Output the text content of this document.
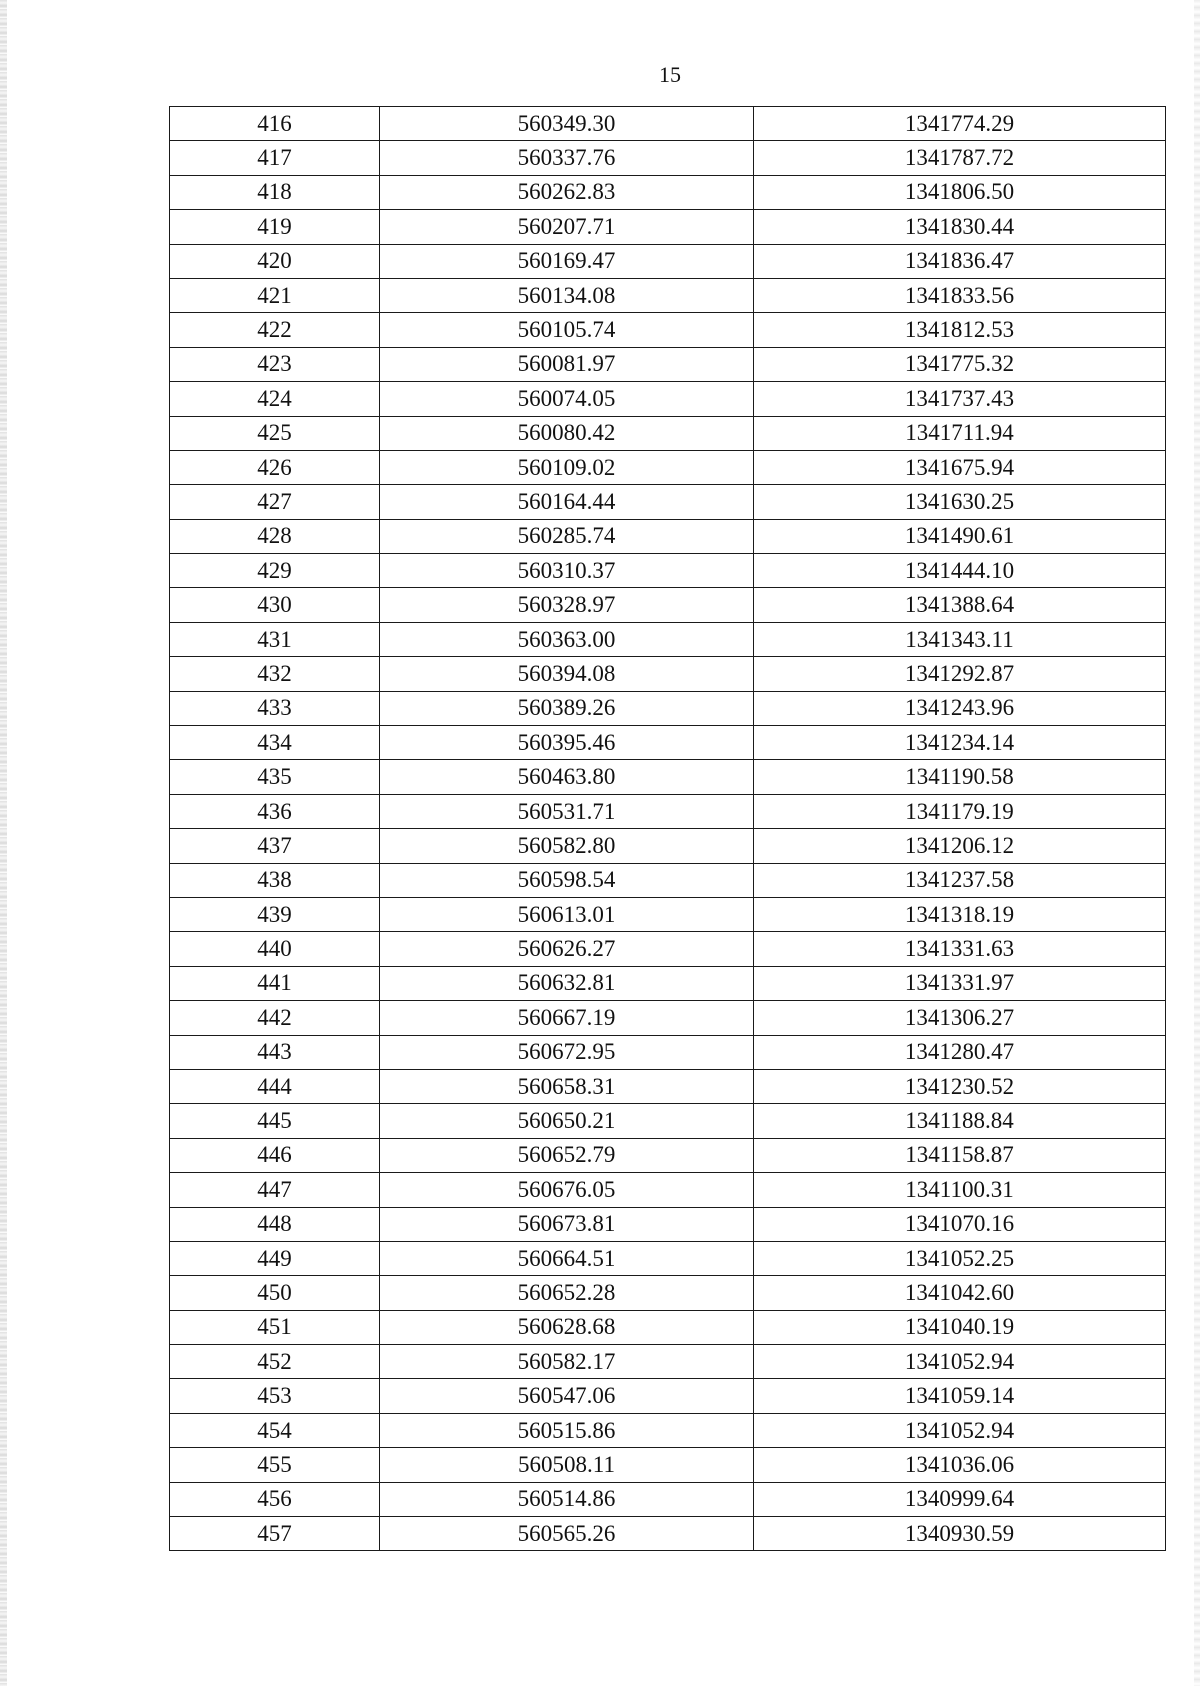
15
416	560349.30	1341774.29
417	560337.76	1341787.72
418	560262.83	1341806.50
419	560207.71	1341830.44
420	560169.47	1341836.47
421	560134.08	1341833.56
422	560105.74	1341812.53
423	560081.97	1341775.32
424	560074.05	1341737.43
425	560080.42	1341711.94
426	560109.02	1341675.94
427	560164.44	1341630.25
428	560285.74	1341490.61
429	560310.37	1341444.10
430	560328.97	1341388.64
431	560363.00	1341343.11
432	560394.08	1341292.87
433	560389.26	1341243.96
434	560395.46	1341234.14
435	560463.80	1341190.58
436	560531.71	1341179.19
437	560582.80	1341206.12
438	560598.54	1341237.58
439	560613.01	1341318.19
440	560626.27	1341331.63
441	560632.81	1341331.97
442	560667.19	1341306.27
443	560672.95	1341280.47
444	560658.31	1341230.52
445	560650.21	1341188.84
446	560652.79	1341158.87
447	560676.05	1341100.31
448	560673.81	1341070.16
449	560664.51	1341052.25
450	560652.28	1341042.60
451	560628.68	1341040.19
452	560582.17	1341052.94
453	560547.06	1341059.14
454	560515.86	1341052.94
455	560508.11	1341036.06
456	560514.86	1340999.64
457	560565.26	1340930.59
